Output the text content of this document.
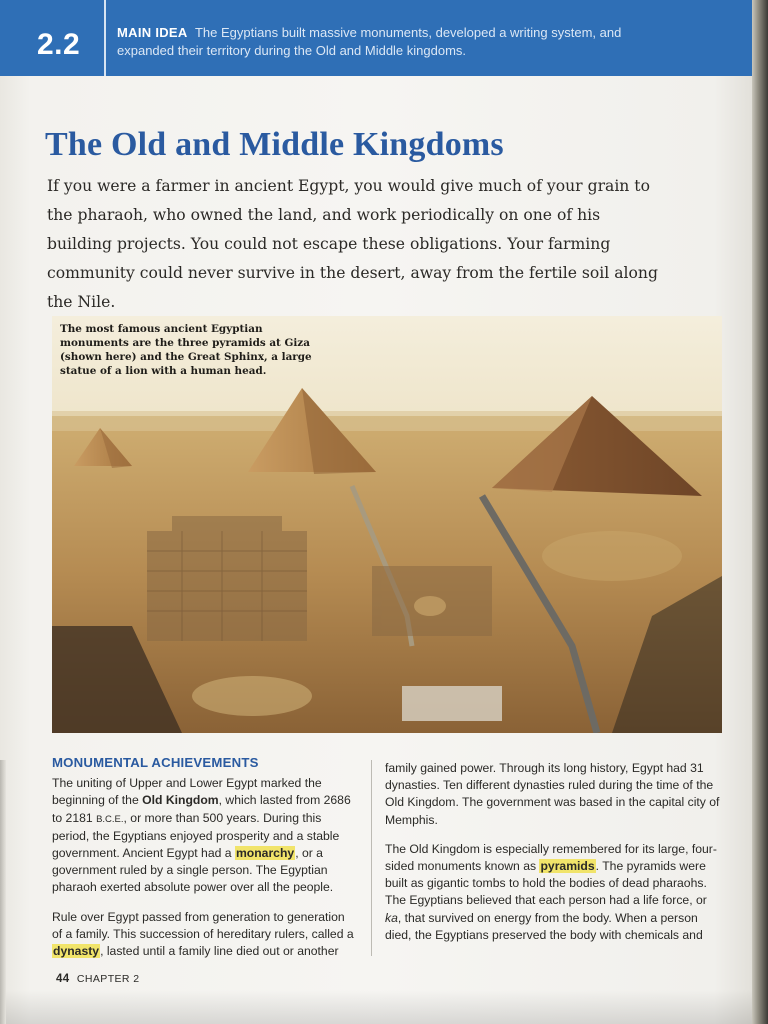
2.2	MAIN IDEA The Egyptians built massive monuments, developed a writing system, and expanded their territory during the Old and Middle kingdoms.
The Old and Middle Kingdoms
If you were a farmer in ancient Egypt, you would give much of your grain to the pharaoh, who owned the land, and work periodically on one of his building projects. You could not escape these obligations. Your farming community could never survive in the desert, away from the fertile soil along the Nile.
The most famous ancient Egyptian monuments are the three pyramids at Giza (shown here) and the Great Sphinx, a large statue of a lion with a human head.
MONUMENTAL ACHIEVEMENTS

The uniting of Upper and Lower Egypt marked the beginning of the Old Kingdom, which lasted from 2686 to 2181 B.C.E., or more than 500 years. During this period, the Egyptians enjoyed prosperity and a stable government. Ancient Egypt had a monarchy, or a government ruled by a single person. The Egyptian pharaoh exerted absolute power over all the people.

Rule over Egypt passed from generation to generation of a family. This succession of hereditary rulers, called a dynasty, lasted until a family line died out or another

family gained power. Through its long history, Egypt had 31 dynasties. Ten different dynasties ruled during the time of the Old Kingdom. The government was based in the capital city of Memphis.

The Old Kingdom is especially remembered for its large, four-sided monuments known as pyramids. The pyramids were built as gigantic tombs to hold the bodies of dead pharaohs. The Egyptians believed that each person had a life force, or ka, that survived on energy from the body. When a person died, the Egyptians preserved the body with chemicals and

44 CHAPTER 2
